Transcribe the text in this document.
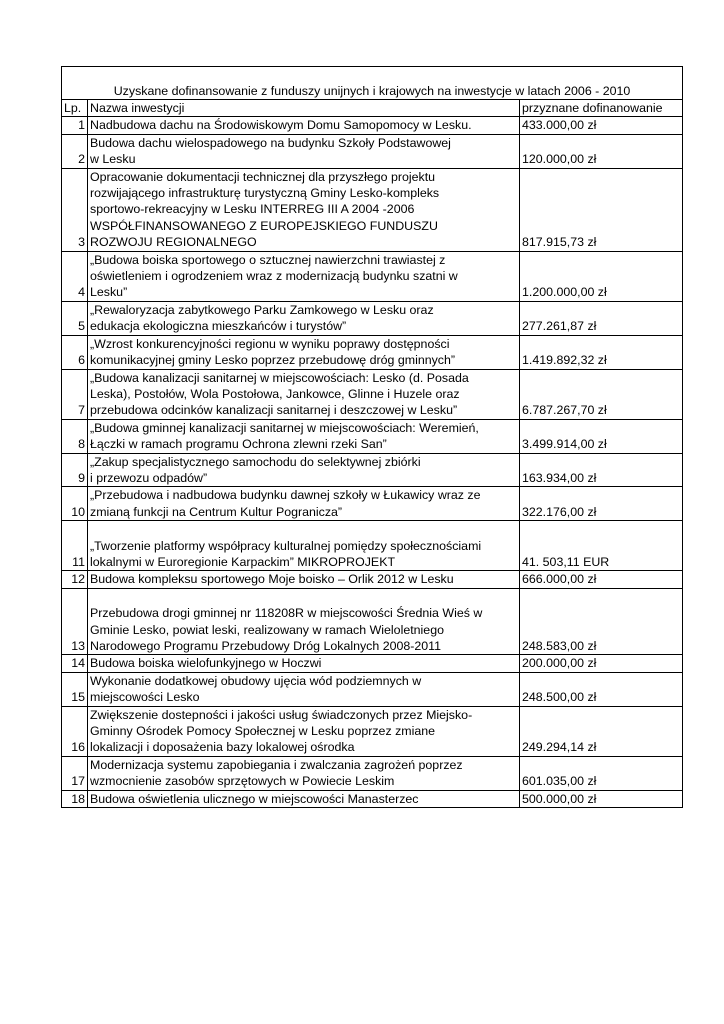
Uzyskane dofinansowanie z funduszy unijnych i krajowych na inwestycje w latach 2006 - 2010		
Lp.	Nazwa inwestycji	przyznane dofinanowanie
1	Nadbudowa dachu na Środowiskowym Domu Samopomocy w Lesku.	433.000,00 zł
2	Budowa dachu wielospadowego na budynku Szkoły Podstawowej
w Lesku	120.000,00 zł
3	Opracowanie dokumentacji technicznej dla przyszłego projektu
rozwijającego infrastrukturę turystyczną Gminy Lesko-kompleks
sportowo-rekreacyjny w Lesku INTERREG III A 2004 -2006
WSPÓŁFINANSOWANEGO Z EUROPEJSKIEGO FUNDUSZU
ROZWOJU REGIONALNEGO	817.915,73 zł
4	„Budowa boiska sportowego o sztucznej nawierzchni trawiastej z
oświetleniem i ogrodzeniem wraz z modernizacją budynku szatni w
Lesku”	1.200.000,00 zł
5	„Rewaloryzacja zabytkowego Parku Zamkowego w Lesku oraz
edukacja ekologiczna mieszkańców i turystów”	277.261,87 zł
6	„Wzrost konkurencyjności regionu w wyniku poprawy dostępności
komunikacyjnej gminy Lesko poprzez przebudowę dróg gminnych”	1.419.892,32 zł
7	„Budowa kanalizacji sanitarnej w miejscowościach: Lesko (d. Posada
Leska), Postołów, Wola Postołowa, Jankowce, Glinne i Huzele oraz
przebudowa odcinków kanalizacji sanitarnej i deszczowej w Lesku”	6.787.267,70 zł
8	„Budowa gminnej kanalizacji sanitarnej w miejscowościach: Weremień,
Łączki w ramach programu Ochrona zlewni rzeki San”	3.499.914,00 zł
9	„Zakup specjalistycznego samochodu do selektywnej zbiórki
i przewozu odpadów”	163.934,00 zł
10	„Przebudowa i nadbudowa budynku dawnej szkoły w Łukawicy wraz ze
zmianą funkcji na Centrum Kultur Pogranicza”	322.176,00 zł
11	„Tworzenie platformy współpracy kulturalnej pomiędzy społecznościami
lokalnymi w Euroregionie Karpackim” MIKROPROJEKT	41. 503,11 EUR
12	Budowa kompleksu sportowego Moje boisko – Orlik 2012 w Lesku	666.000,00 zł
13	Przebudowa drogi gminnej nr 118208R w miejscowości Średnia Wieś w
Gminie Lesko, powiat leski, realizowany w ramach Wieloletniego
Narodowego Programu Przebudowy Dróg Lokalnych 2008-2011	248.583,00 zł
14	Budowa boiska wielofunkyjnego w Hoczwi	200.000,00 zł
15	Wykonanie dodatkowej obudowy ujęcia wód podziemnych w
miejscowości Lesko	248.500,00 zł
16	Zwiększenie dostepności i jakości usług świadczonych przez Miejsko-
Gminny Ośrodek Pomocy Społecznej w Lesku poprzez zmiane
lokalizacji i doposażenia bazy lokalowej ośrodka	249.294,14 zł
17	Modernizacja systemu zapobiegania i zwalczania zagrożeń poprzez
wzmocnienie zasobów sprzętowych w Powiecie Leskim	601.035,00 zł
18	Budowa oświetlenia ulicznego w miejscowości Manasterzec	500.000,00 zł
